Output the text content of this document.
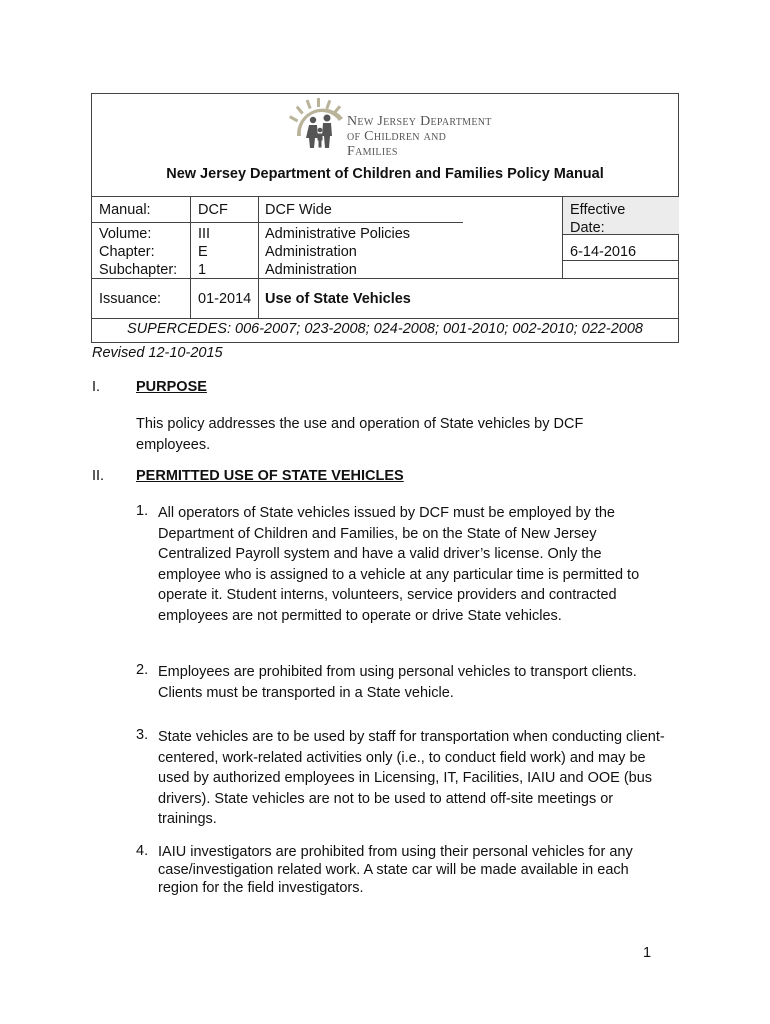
New Jersey Department
of Children and Families
New Jersey Department of Children and Families Policy Manual
Manual:	DCF	DCF Wide
Volume:	III	Administrative Policies
Chapter:	E	Administration
Subchapter: 1	Administration
Effective Date:
6-14-2016
Issuance:	01-2014 Use of State Vehicles
SUPERCEDES: 006-2007; 023-2008; 024-2008; 001-2010; 002-2010; 022-2008
Revised 12-10-2015
I. PURPOSE
This policy addresses the use and operation of State vehicles by DCF employees.
II. PERMITTED USE OF STATE VEHICLES
1. All operators of State vehicles issued by DCF must be employed by the Department of Children and Families, be on the State of New Jersey Centralized Payroll system and have a valid driver’s license. Only the employee who is assigned to a vehicle at any particular time is permitted to operate it. Student interns, volunteers, service providers and contracted employees are not permitted to operate or drive State vehicles.
2. Employees are prohibited from using personal vehicles to transport clients. Clients must be transported in a State vehicle.
3. State vehicles are to be used by staff for transportation when conducting client-centered, work-related activities only (i.e., to conduct field work) and may be used by authorized employees in Licensing, IT, Facilities, IAIU and OOE (bus drivers). State vehicles are not to be used to attend off-site meetings or trainings.
4. IAIU investigators are prohibited from using their personal vehicles for any case/investigation related work. A state car will be made available in each region for the field investigators.
1
